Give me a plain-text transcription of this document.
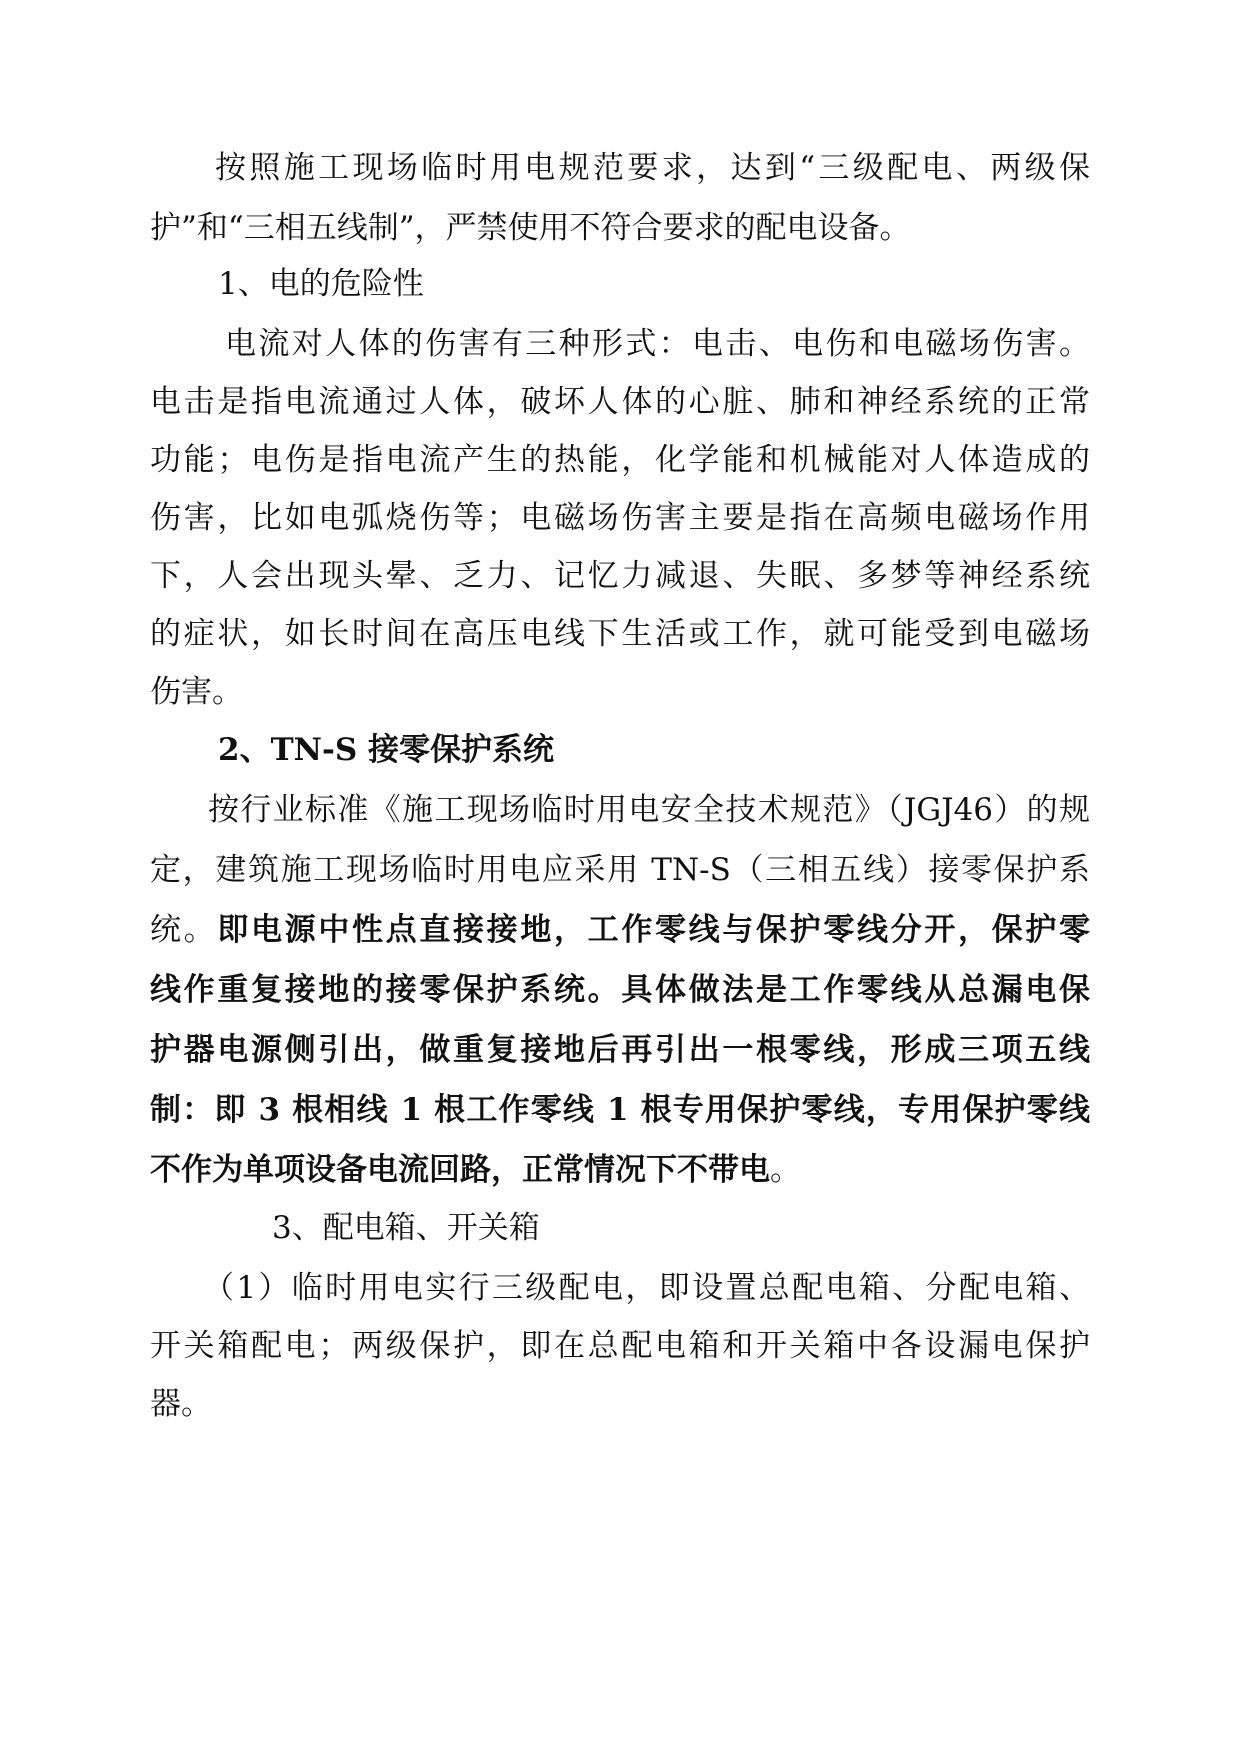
按照施工现场临时用电规范要求，达到“三级配电、两级保
护”和“三相五线制”，严禁使用不符合要求的配电设备。
1、电的危险性
电流对人体的伤害有三种形式：电击、电伤和电磁场伤害。
电击是指电流通过人体，破坏人体的心脏、肺和神经系统的正常
功能；电伤是指电流产生的热能，化学能和机械能对人体造成的
伤害，比如电弧烧伤等；电磁场伤害主要是指在高频电磁场作用
下，人会出现头晕、乏力、记忆力减退、失眠、多梦等神经系统
的症状，如长时间在高压电线下生活或工作，就可能受到电磁场
伤害。
2、TN-S 接零保护系统
按行业标准《施工现场临时用电安全技术规范》（JGJ46）的规
定，建筑施工现场临时用电应采用 TN-S（三相五线）接零保护系
统。即电源中性点直接接地，工作零线与保护零线分开，保护零
线作重复接地的接零保护系统。具体做法是工作零线从总漏电保
护器电源侧引出，做重复接地后再引出一根零线，形成三项五线
制：即 3 根相线 1 根工作零线 1 根专用保护零线，专用保护零线
不作为单项设备电流回路，正常情况下不带电。
3、配电箱、开关箱
（1）临时用电实行三级配电，即设置总配电箱、分配电箱、
开关箱配电；两级保护，即在总配电箱和开关箱中各设漏电保护
器。
